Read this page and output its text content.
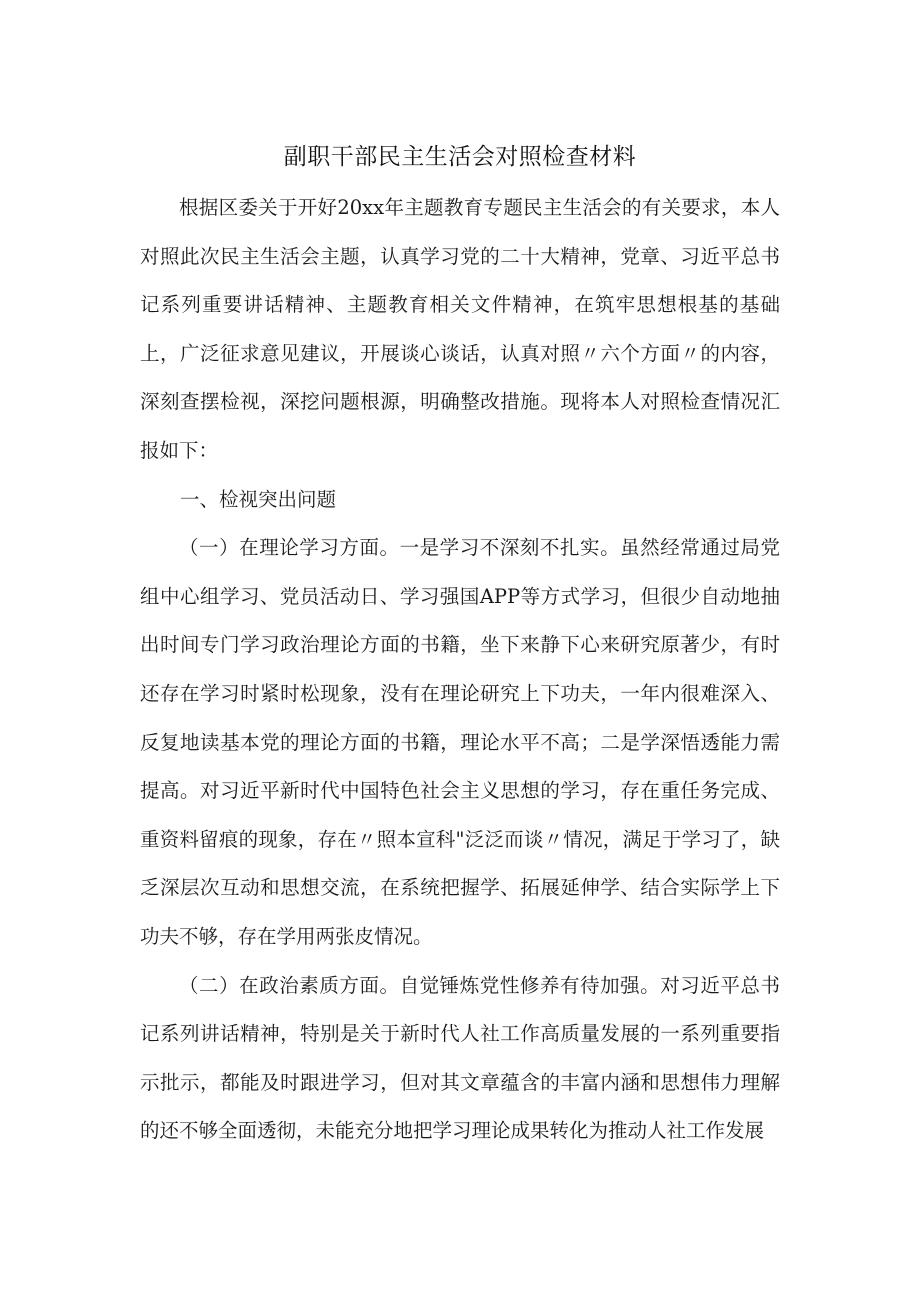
副职干部民主生活会对照检查材料

根据区委关于开好20xx年主题教育专题民主生活会的有关要求，本人对照此次民主生活会主题，认真学习党的二十大精神，党章、习近平总书记系列重要讲话精神、主题教育相关文件精神，在筑牢思想根基的基础上，广泛征求意见建议，开展谈心谈话，认真对照〃六个方面〃的内容，深刻查摆检视，深挖问题根源，明确整改措施。现将本人对照检查情况汇报如下：

一、检视突出问题

（一）在理论学习方面。一是学习不深刻不扎实。虽然经常通过局党组中心组学习、党员活动日、学习强国APP等方式学习，但很少自动地抽出时间专门学习政治理论方面的书籍，坐下来静下心来研究原著少，有时还存在学习时紧时松现象，没有在理论研究上下功夫，一年内很难深入、反复地读基本党的理论方面的书籍，理论水平不高；二是学深悟透能力需提高。对习近平新时代中国特色社会主义思想的学习，存在重任务完成、重资料留痕的现象，存在〃照本宣科"泛泛而谈〃情况，满足于学习了，缺乏深层次互动和思想交流，在系统把握学、拓展延伸学、结合实际学上下功夫不够，存在学用两张皮情况。

（二）在政治素质方面。自觉锤炼党性修养有待加强。对习近平总书记系列讲话精神，特别是关于新时代人社工作高质量发展的一系列重要指示批示，都能及时跟进学习，但对其文章蕴含的丰富内涵和思想伟力理解的还不够全面透彻，未能充分地把学习理论成果转化为推动人社工作发展
